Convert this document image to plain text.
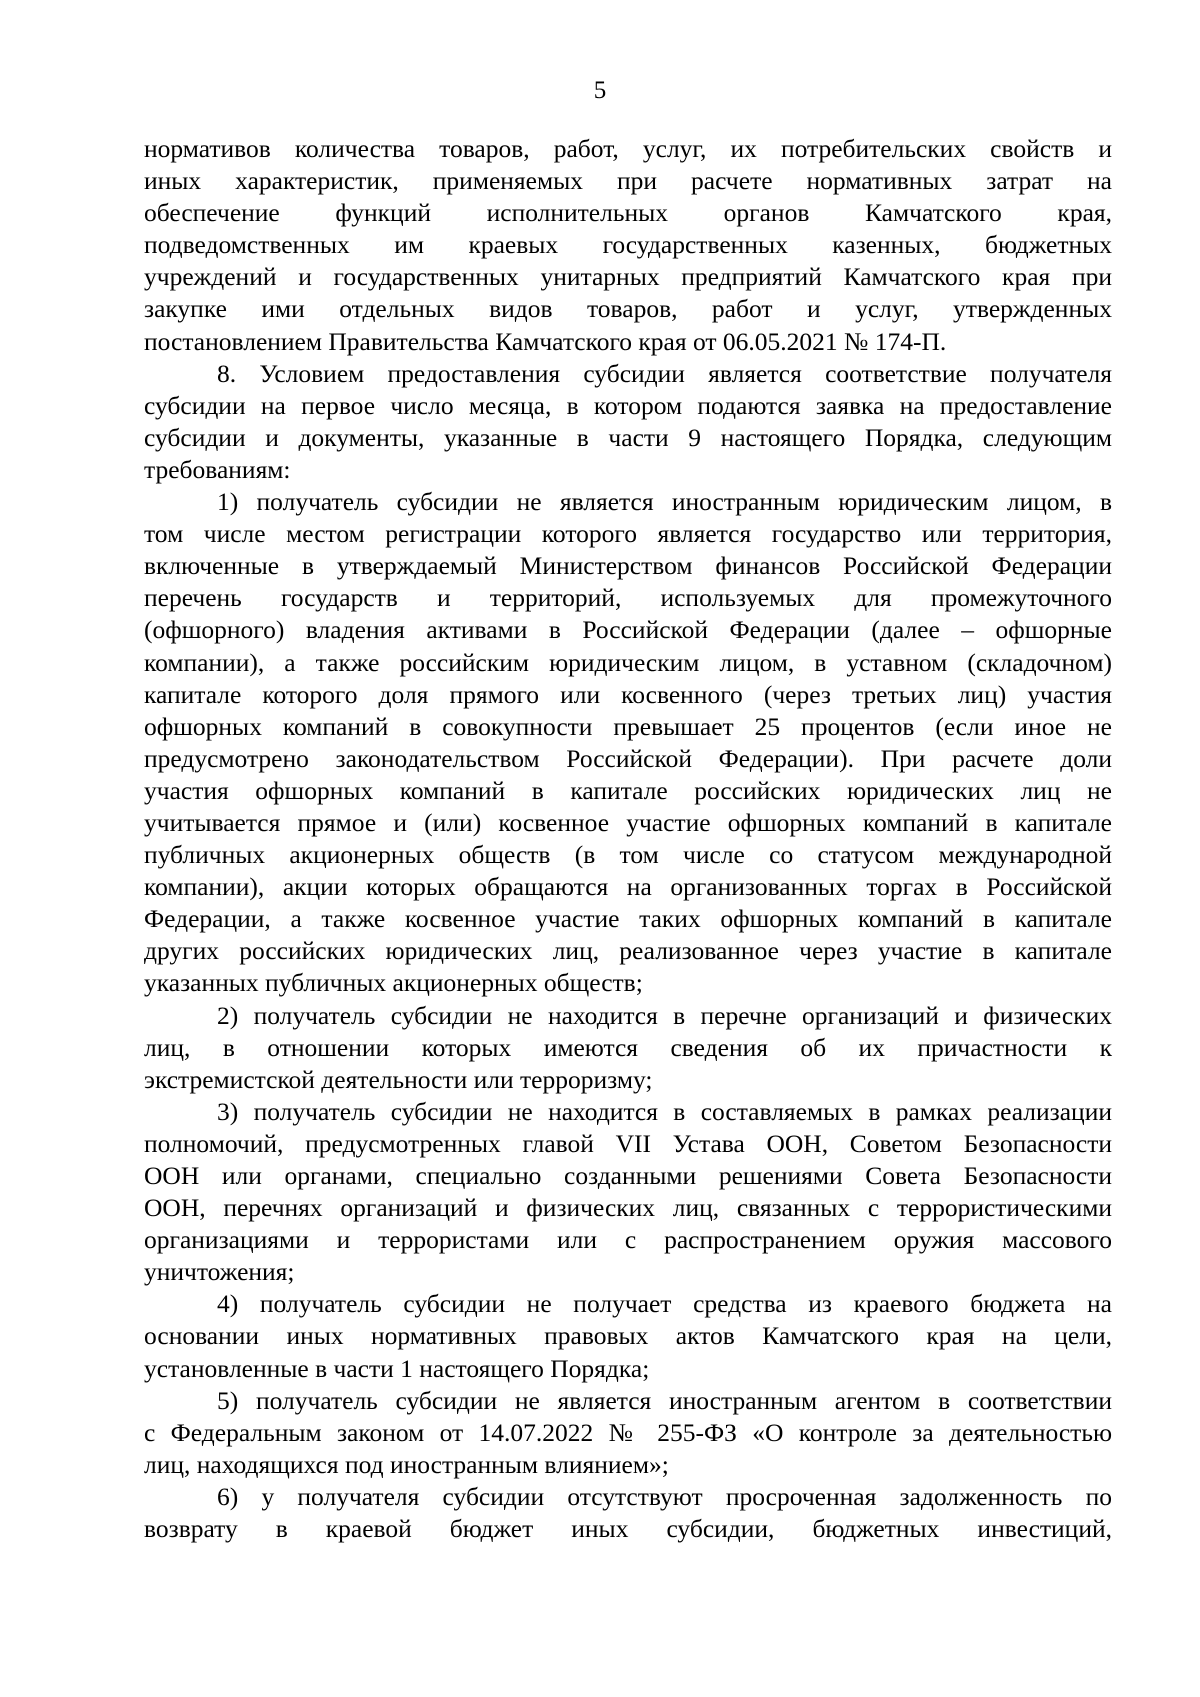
5

нормативов количества товаров, работ, услуг, их потребительских свойств и
иных характеристик, применяемых при расчете нормативных затрат на
обеспечение функций исполнительных органов Камчатского края,
подведомственных им краевых государственных казенных, бюджетных
учреждений и государственных унитарных предприятий Камчатского края при
закупке ими отдельных видов товаров, работ и услуг, утвержденных
постановлением Правительства Камчатского края от 06.05.2021 № 174-П.

8. Условием предоставления субсидии является соответствие получателя
субсидии на первое число месяца, в котором подаются заявка на предоставление
субсидии и документы, указанные в части 9 настоящего Порядка, следующим
требованиям:

1) получатель субсидии не является иностранным юридическим лицом, в
том числе местом регистрации которого является государство или территория,
включенные в утверждаемый Министерством финансов Российской Федерации
перечень государств и территорий, используемых для промежуточного
(офшорного) владения активами в Российской Федерации (далее – офшорные
компании), а также российским юридическим лицом, в уставном (складочном)
капитале которого доля прямого или косвенного (через третьих лиц) участия
офшорных компаний в совокупности превышает 25 процентов (если иное не
предусмотрено законодательством Российской Федерации). При расчете доли
участия офшорных компаний в капитале российских юридических лиц не
учитывается прямое и (или) косвенное участие офшорных компаний в капитале
публичных акционерных обществ (в том числе со статусом международной
компании), акции которых обращаются на организованных торгах в Российской
Федерации, а также косвенное участие таких офшорных компаний в капитале
других российских юридических лиц, реализованное через участие в капитале
указанных публичных акционерных обществ;

2) получатель субсидии не находится в перечне организаций и физических
лиц, в отношении которых имеются сведения об их причастности к
экстремистской деятельности или терроризму;

3) получатель субсидии не находится в составляемых в рамках реализации
полномочий, предусмотренных главой VII Устава ООН, Советом Безопасности
ООН или органами, специально созданными решениями Совета Безопасности
ООН, перечнях организаций и физических лиц, связанных с террористическими
организациями и террористами или с распространением оружия массового
уничтожения;

4) получатель субсидии не получает средства из краевого бюджета на
основании иных нормативных правовых актов Камчатского края на цели,
установленные в части 1 настоящего Порядка;

5) получатель субсидии не является иностранным агентом в соответствии
с Федеральным законом от 14.07.2022 № 255-ФЗ «О контроле за деятельностью
лиц, находящихся под иностранным влиянием»;

6) у получателя субсидии отсутствуют просроченная задолженность по
возврату в краевой бюджет иных субсидии, бюджетных инвестиций,
